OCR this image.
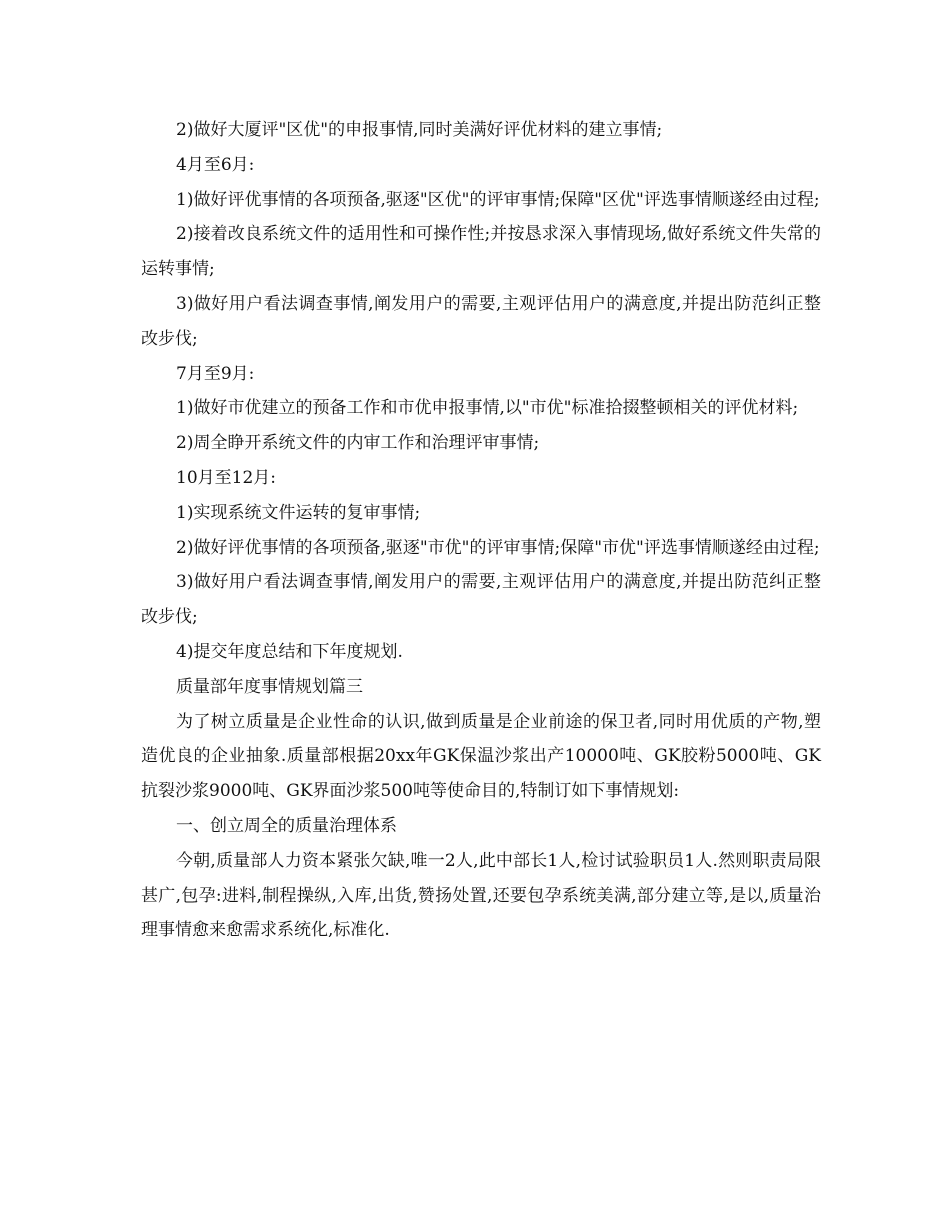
2)做好大厦评"区优"的申报事情,同时美满好评优材料的建立事情;

4月至6月:

1)做好评优事情的各项预备,驱逐"区优"的评审事情;保障"区优"评选事情顺遂经由过程;

2)接着改良系统文件的适用性和可操作性;并按恳求深入事情现场,做好系统文件失常的运转事情;

3)做好用户看法调查事情,阐发用户的需要,主观评估用户的满意度,并提出防范纠正整改步伐;

7月至9月:

1)做好市优建立的预备工作和市优申报事情,以"市优"标准拾掇整顿相关的评优材料;

2)周全睁开系统文件的内审工作和治理评审事情;

10月至12月:

1)实现系统文件运转的复审事情;

2)做好评优事情的各项预备,驱逐"市优"的评审事情;保障"市优"评选事情顺遂经由过程;

3)做好用户看法调查事情,阐发用户的需要,主观评估用户的满意度,并提出防范纠正整改步伐;

4)提交年度总结和下年度规划.

质量部年度事情规划篇三

为了树立质量是企业性命的认识,做到质量是企业前途的保卫者,同时用优质的产物,塑造优良的企业抽象.质量部根据20xx年GK保温沙浆出产10000吨、GK胶粉5000吨、GK抗裂沙浆9000吨、GK界面沙浆500吨等使命目的,特制订如下事情规划:

一、创立周全的质量治理体系

今朝,质量部人力资本紧张欠缺,唯一2人,此中部长1人,检讨试验职员1人.然则职责局限甚广,包孕:进料,制程操纵,入库,出货,赞扬处置,还要包孕系统美满,部分建立等,是以,质量治理事情愈来愈需求系统化,标准化.
